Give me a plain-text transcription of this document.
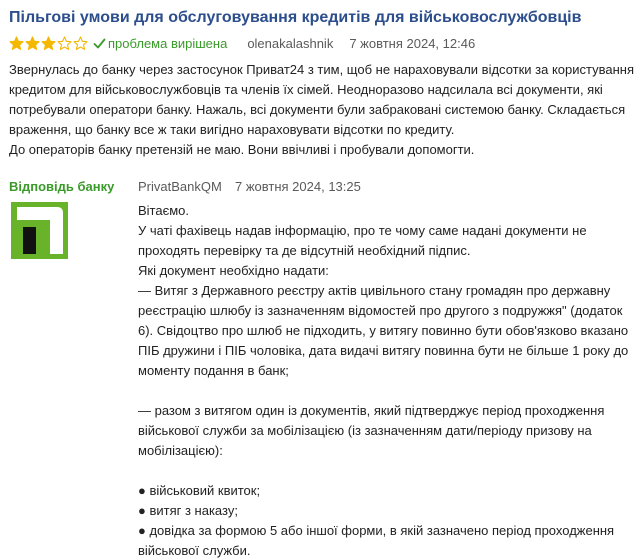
Пільгові умови для обслуговування кредитів для військовослужбовців
проблема вирішена olenakalashnik 7 жовтня 2024, 12:46

Звернулась до банку через застосунок Приват24 з тим, щоб не нараховували відсотки за користування кредитом для військовослужбовців та членів їх сімей. Неодноразово надсилала всі документи, які потребували оператори банку. Нажаль, всі документи були забраковані системою банку. Складається враження, що банку все ж таки вигідно нараховувати відсотки по кредиту.

До операторів банку претензій не маю. Вони ввічливі і пробували допомогти.

Відповідь банку PrivatBankQM 7 жовтня 2024, 13:25
Вітаємо.
У чаті фахівець надав інформацію, про те чому саме надані документи не проходять перевірку та де відсутній необхідний підпис.
Які документ необхідно надати:
— Витяг з Державного реєстру актів цивільного стану громадян про державну реєстрацію шлюбу із зазначенням відомостей про другого з подружжя" (додаток 6). Свідоцтво про шлюб не підходить, у витягу повинно бути обов'язково вказано ПІБ дружини і ПІБ чоловіка, дата видачі витягу повинна бути не більше 1 року до моменту подання в банк;
— разом з витягом один із документів, який підтверджує період проходження військової служби за мобілізацією (із зазначенням дати/періоду призову на мобілізацією):
● військовий квиток;
● витяг з наказу;
● довідка за формою 5 або іншої форми, в якій зазначено період проходження військової служби.
